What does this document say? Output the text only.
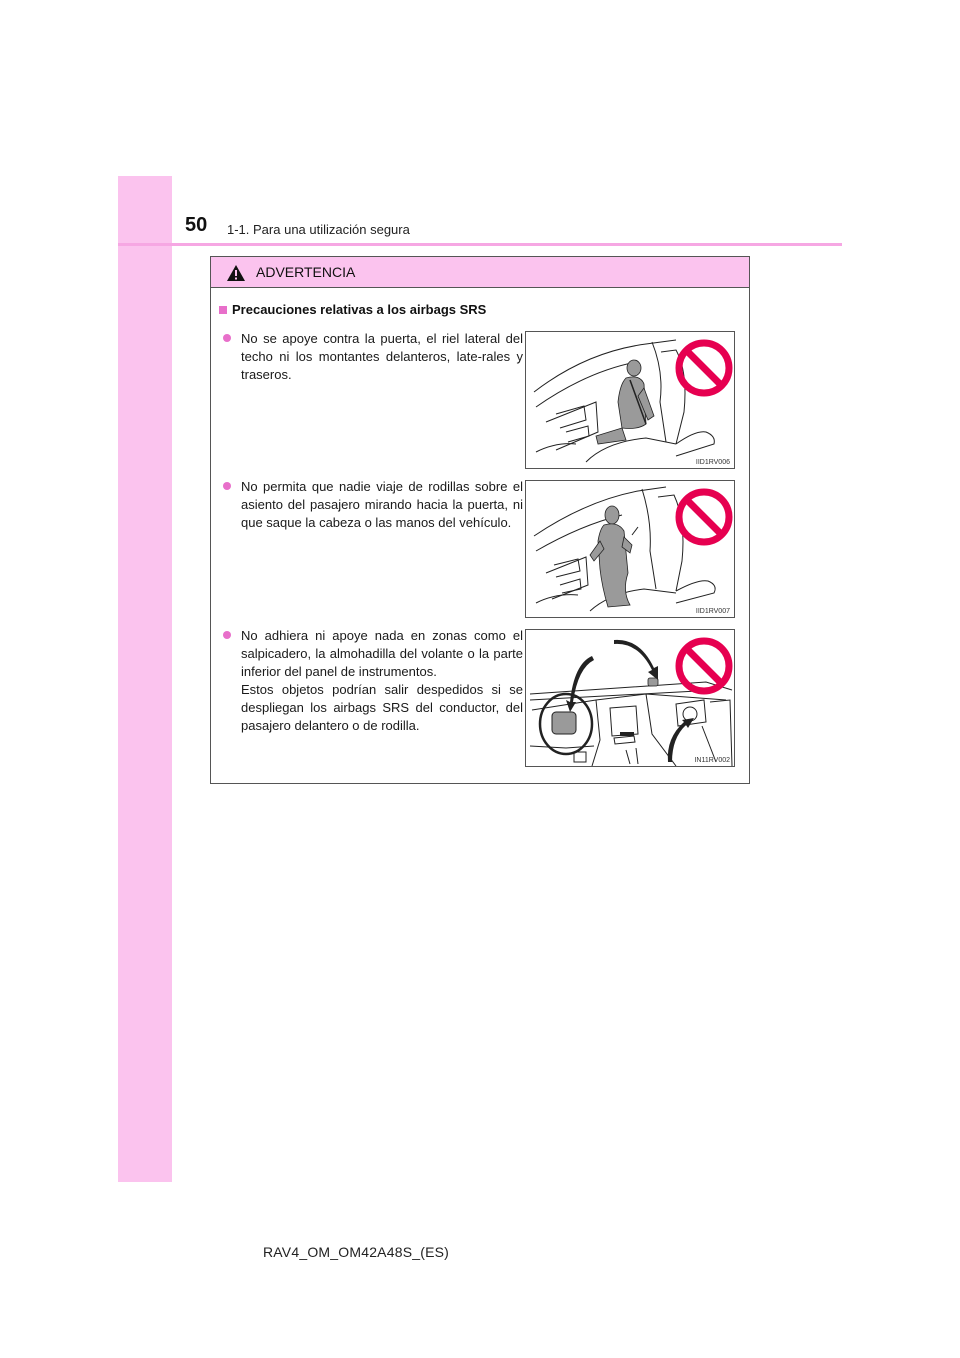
50 1-1. Para una utilización segura
ADVERTENCIA
Precauciones relativas a los airbags SRS

No se apoye contra la puerta, el riel lateral del techo ni los montantes delanteros, late-rales y traseros.

IID1RV006

No permita que nadie viaje de rodillas sobre el asiento del pasajero mirando hacia la puerta, ni que saque la cabeza o las manos del vehículo.

IID1RV007

No adhiera ni apoye nada en zonas como el salpicadero, la almohadilla del volante o la parte inferior del panel de instrumentos.

Estos objetos podrían salir despedidos si se despliegan los airbags SRS del conductor, del pasajero delantero o de rodilla.

IN11RV002
RAV4_OM_OM42A48S_(ES)
